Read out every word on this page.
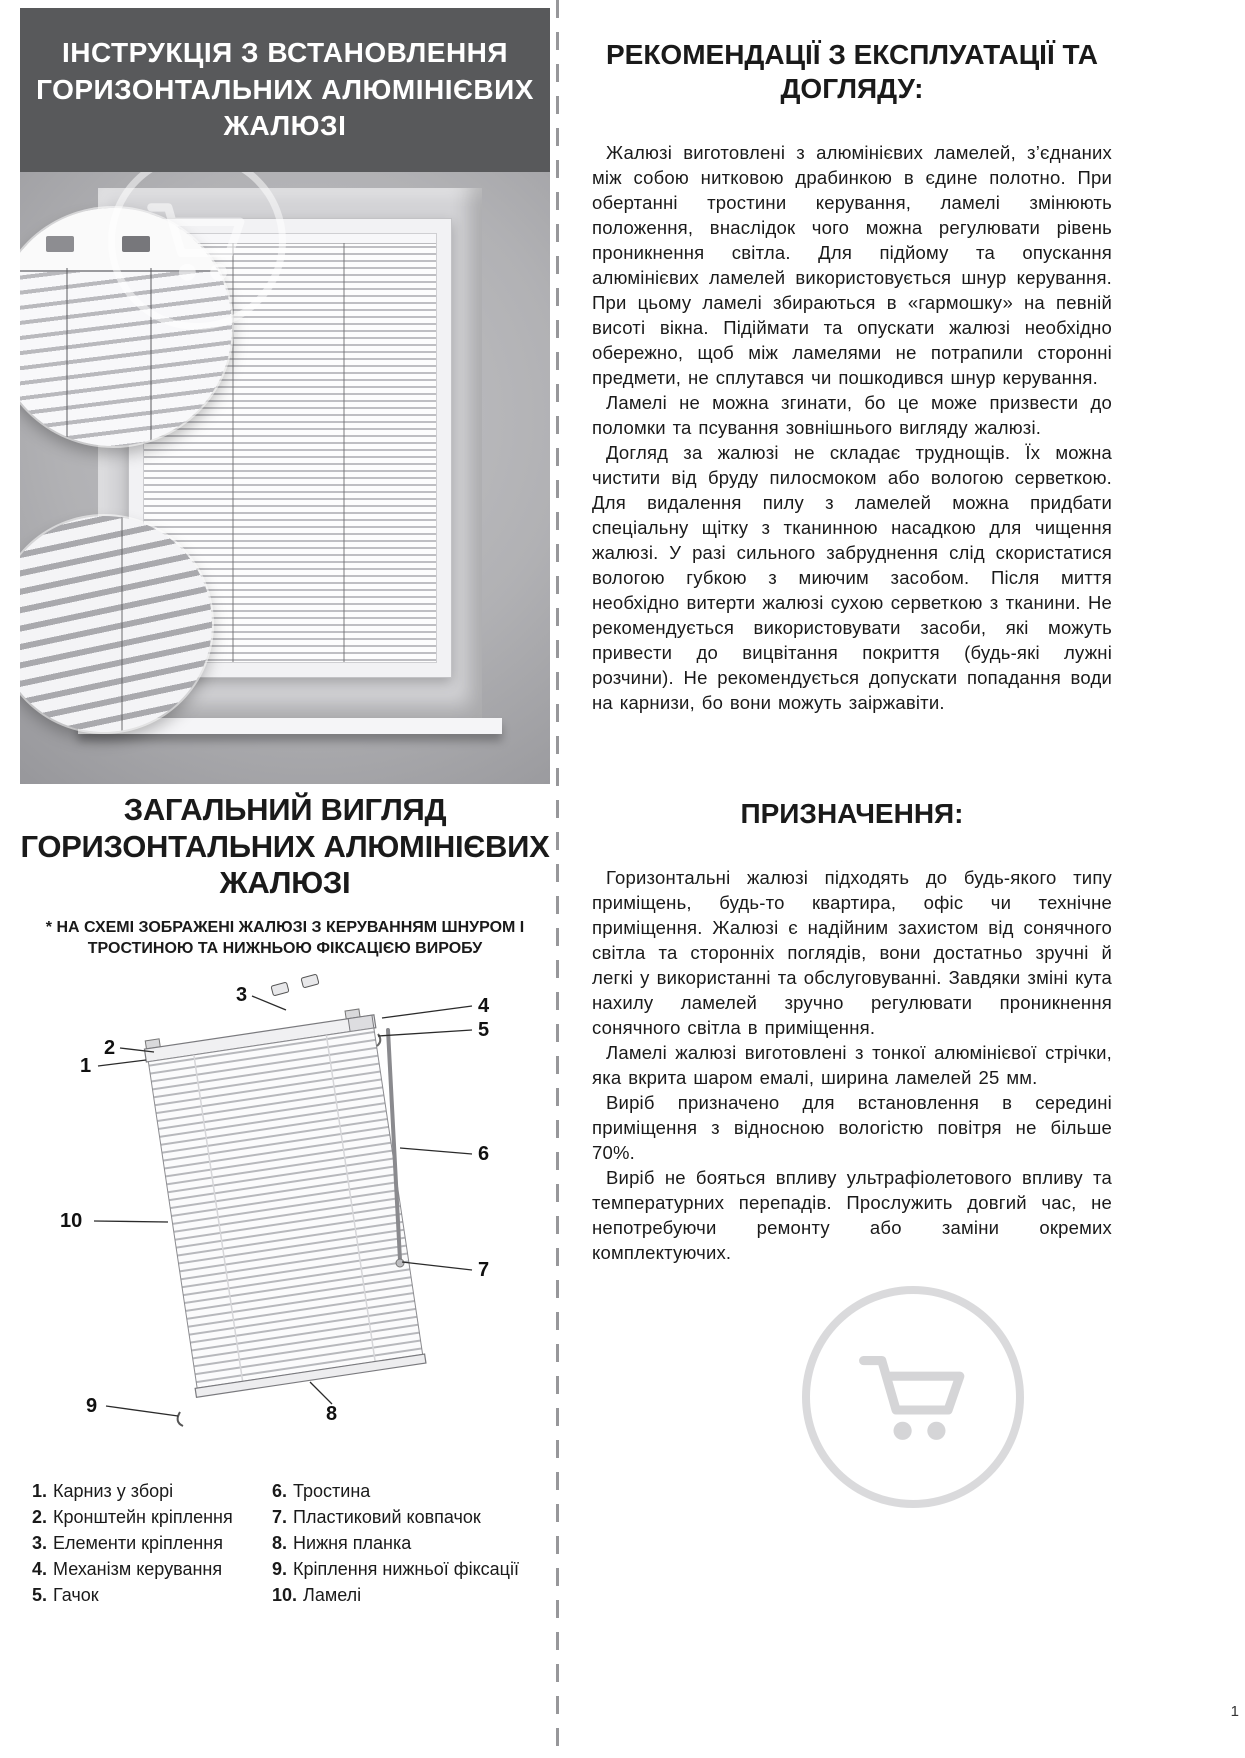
ІНСТРУКЦІЯ З ВСТАНОВЛЕННЯ ГОРИЗОНТАЛЬНИХ АЛЮМІНІЄВИХ ЖАЛЮЗІ
ЗАГАЛЬНИЙ ВИГЛЯД ГОРИЗОНТАЛЬНИХ АЛЮМІНІЄВИХ ЖАЛЮЗІ
* НА СХЕМІ ЗОБРАЖЕНІ ЖАЛЮЗІ З КЕРУВАННЯМ ШНУРОМ І ТРОСТИНОЮ ТА НИЖНЬОЮ ФІКСАЦІЄЮ ВИРОБУ
1
2
3	4
5
6
7
8
9
10
1. Карниз у зборі
2. Кронштейн кріплення
3. Елементи кріплення
4. Механізм керування
5. Гачок
6. Тростина
7. Пластиковий ковпачок
8. Нижня планка
9. Кріплення нижньої фіксації
10. Ламелі
РЕКОМЕНДАЦІЇ З ЕКСПЛУАТАЦІЇ ТА ДОГЛЯДУ:

Жалюзі виготовлені з алюмінієвих ламелей, з’єднаних між собою нитковою драбинкою в єдине полотно. При обертанні тростини керування, ламелі змінюють положення, внаслідок чого можна регулювати рівень проникнення світла. Для підйому та опускання алюмінієвих ламелей використовується шнур керування. При цьому ламелі збираються в «гармошку» на певній висоті вікна. Підіймати та опускати жалюзі необхідно обережно, щоб між ламелями не потрапили сторонні предмети, не сплутався чи пошкодився шнур керування.

Ламелі не можна згинати, бо це може призвести до поломки та псування зовнішнього вигляду жалюзі.

Догляд за жалюзі не складає труднощів. Їх можна чистити від бруду пилосмоком або вологою серветкою. Для видалення пилу з ламелей можна придбати спеціальну щітку з тканинною насадкою для чищення жалюзі. У разі сильного забруднення слід скористатися вологою губкою з миючим засобом. Після миття необхідно витерти жалюзі сухою серветкою з тканини. Не рекомендується використовувати засоби, які можуть привести до вицвітання покриття (будь-які лужні розчини). Не рекомендується допускати попадання води на карнизи, бо вони можуть заіржавіти.

ПРИЗНАЧЕННЯ:

Горизонтальні жалюзі підходять до будь-якого типу приміщень, будь-то квартира, офіс чи технічне приміщення. Жалюзі є надійним захистом від сонячного світла та сторонніх поглядів, вони достатньо зручні й легкі у використанні та обслуговуванні. Завдяки зміні кута нахилу ламелей зручно регулювати проникнення сонячного світла в приміщення.

Ламелі жалюзі виготовлені з тонкої алюмінієвої стрічки, яка вкрита шаром емалі, ширина ламелей 25 мм.

Виріб призначено для встановлення в середині приміщення з відносною вологістю повітря не більше 70%.

Виріб не бояться впливу ультрафіолетового впливу та температурних перепадів. Прослужить довгий час, не непотребуючи ремонту або заміни окремих комплектуючих.

1
